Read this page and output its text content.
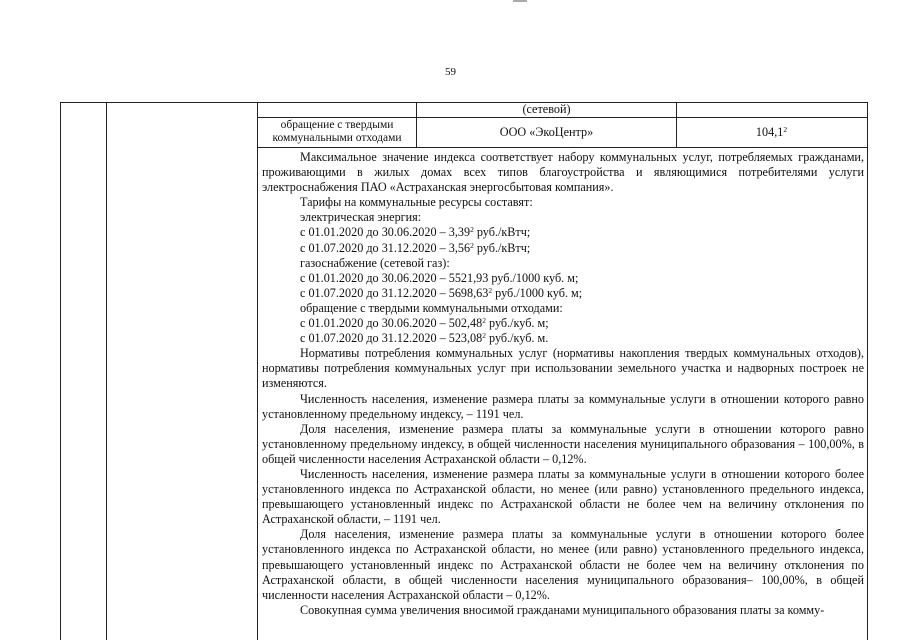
59
(сетевой)
обращение с твердыми
коммунальными отходами	ООО «ЭкоЦентр»	104,1$^2$

Максимальное значение индекса соответствует набору коммунальных услуг, потребляемых гражданами, проживающими в жилых домах всех типов благоустройства и являющимися потребителями услуги электроснабжения ПАО «Астраханская энергосбытовая компания».

Тарифы на коммунальные ресурсы составят:

электрическая энергия:

с 01.01.2020 до 30.06.2020 – 3,39$^2$ руб./кВтч;

с 01.07.2020 до 31.12.2020 – 3,56$^2$ руб./кВтч;

газоснабжение (сетевой газ):

с 01.01.2020 до 30.06.2020 – 5521,93 руб./1000 куб. м;

с 01.07.2020 до 31.12.2020 – 5698,63$^2$ руб./1000 куб. м;

обращение с твердыми коммунальными отходами:

с 01.01.2020 до 30.06.2020 – 502,48$^2$ руб./куб. м;

с 01.07.2020 до 31.12.2020 – 523,08$^2$ руб./куб. м.

Нормативы потребления коммунальных услуг (нормативы накопления твердых коммунальных отходов), нормативы потребления коммунальных услуг при использовании земельного участка и надворных построек не изменяются.

Численность населения, изменение размера платы за коммунальные услуги в отношении которого равно установленному предельному индексу, – 1191 чел.

Доля населения, изменение размера платы за коммунальные услуги в отношении которого равно установленному предельному индексу, в общей численности населения муниципального образования – 100,00%, в общей численности населения Астраханской области – 0,12%.

Численность населения, изменение размера платы за коммунальные услуги в отношении которого более установленного индекса по Астраханской области, но менее (или равно) установленного предельного индекса, превышающего установленный индекс по Астраханской области не более чем на величину отклонения по Астраханской области, – 1191 чел.

Доля населения, изменение размера платы за коммунальные услуги в отношении которого более установленного индекса по Астраханской области, но менее (или равно) установленного предельного индекса, превышающего установленный индекс по Астраханской области не более чем на величину отклонения по Астраханской области, в общей численности населения муниципального образования– 100,00%, в общей численности населения Астраханской области – 0,12%.

Совокупная сумма увеличения вносимой гражданами муниципального образования платы за комму-
